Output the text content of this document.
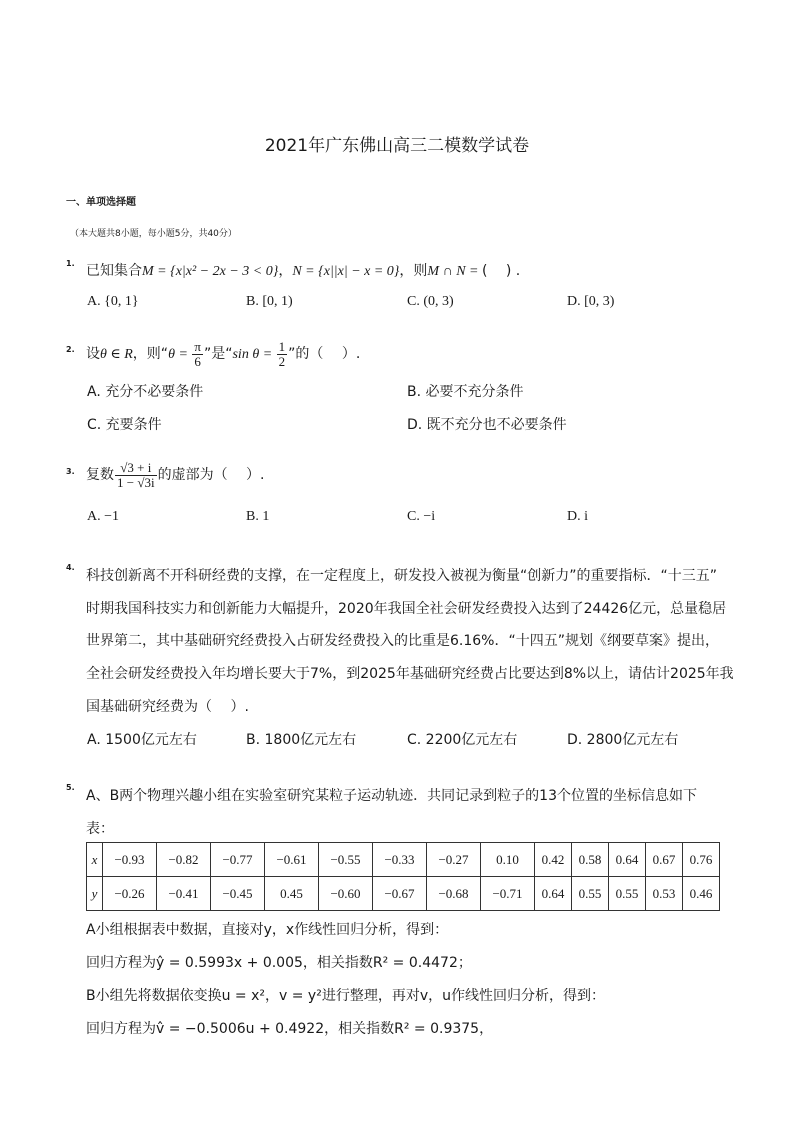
2021年广东佛山高三二模数学试卷
一、单项选择题
（本大题共8小题，每小题5分，共40分）
1. 已知集合M = {x|x² − 2x − 3 < 0}，N = {x||x| − x = 0}，则M ∩ N = (　 ) .
A. {0, 1}	B. [0, 1)	C. (0, 3)	D. [0, 3)
2. 设θ ∈ R，则“$\theta = \frac{\pi}{6}$ ”是“sin $\theta = \frac{1}{2}$ ”的（　 ）.
A. 充分不必要条件	B. 必要不充分条件
C. 充要条件	D. 既不充分也不必要条件
3. 复数 $\frac{√3 + i}{1 - √3i}$ 的虚部为（　 ）.
A. −1	B. 1	C. −i	D. i
4.
科技创新离不开科研经费的支撑，在一定程度上，研发投入被视为衡量“创新力”的重要指标．“十三五”
时期我国科技实力和创新能力大幅提升，2020年我国全社会研发经费投入达到了24426亿元，总量稳居
世界第二，其中基础研究经费投入占研发经费投入的比重是6.16%．“十四五”规划《纲要草案》提出，
全社会研发经费投入年均增长要大于7%，到2025年基础研究经费占比要达到8%以上，请估计2025年我
国基础研究经费为（　 ）.
A. 1500亿元左右	B. 1800亿元左右	C. 2200亿元左右	D. 2800亿元左右
5.
A、B两个物理兴趣小组在实验室研究某粒子运动轨迹．共同记录到粒子的13个位置的坐标信息如下
表：
x	−0.93	−0.82	−0.77	−0.61	−0.55	−0.33	−0.27	0.10	0.42	0.58	0.64	0.67	0.76
y	−0.26	−0.41	−0.45	0.45	−0.60	−0.67	−0.68	−0.71	0.64	0.55	0.55	0.53	0.46
A小组根据表中数据，直接对y，x作线性回归分析，得到：
回归方程为ŷ = 0.5993x + 0.005，相关指数R² = 0.4472；
B小组先将数据依变换u = x²，v = y²进行整理，再对v，u作线性回归分析，得到：
回归方程为v̂ = −0.5006u + 0.4922，相关指数R² = 0.9375，
